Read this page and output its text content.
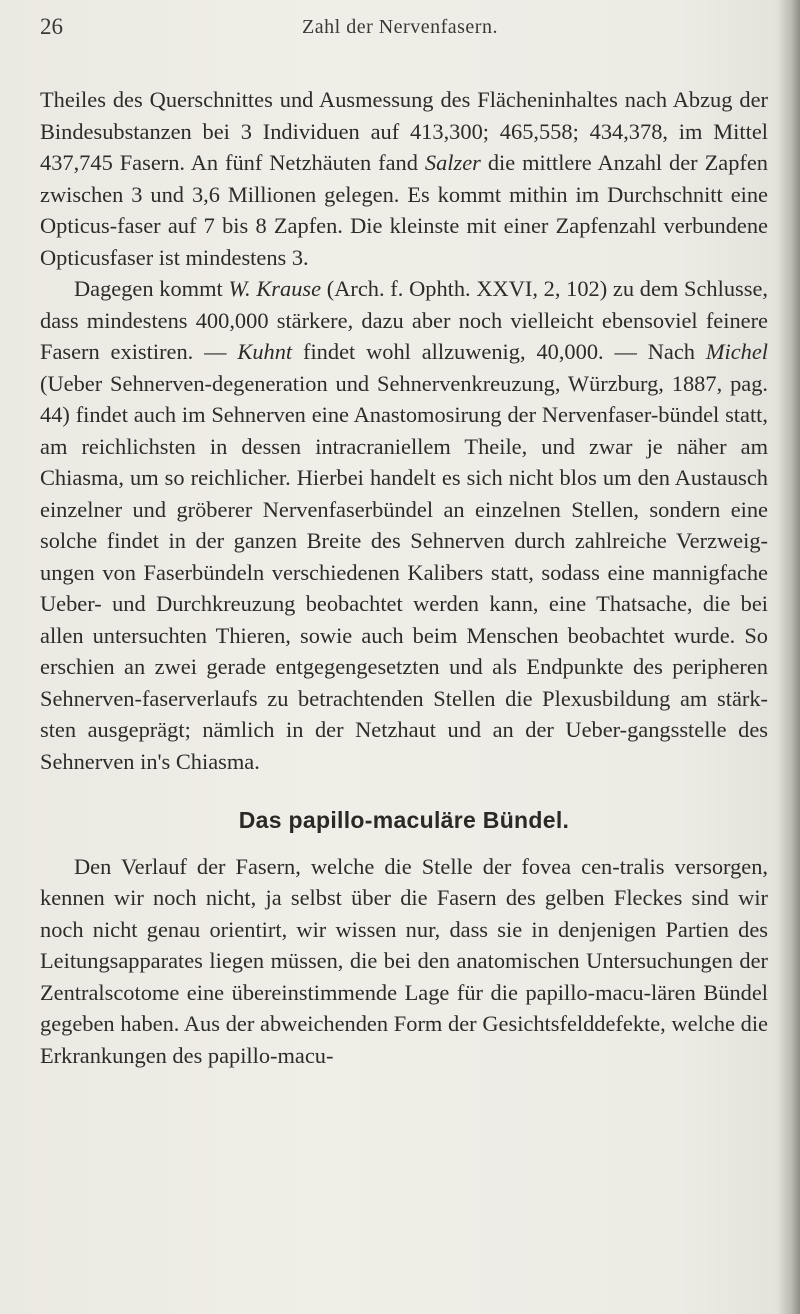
26	Zahl der Nervenfasern.

Theiles des Querschnittes und Ausmessung des Flächeninhaltes nach Abzug der Bindesubstanzen bei 3 Individuen auf 413,300; 465,558; 434,378, im Mittel 437,745 Fasern. An fünf Netzhäuten fand Salzer die mittlere Anzahl der Zapfen zwischen 3 und 3,6 Millionen gelegen. Es kommt mithin im Durchschnitt eine Opticus-faser auf 7 bis 8 Zapfen. Die kleinste mit einer Zapfenzahl verbundene Opticusfaser ist mindestens 3.

Dagegen kommt W. Krause (Arch. f. Ophth. XXVI, 2, 102) zu dem Schlusse, dass mindestens 400,000 stärkere, dazu aber noch vielleicht ebensoviel feinere Fasern existiren. — Kuhnt findet wohl allzuwenig, 40,000. — Nach Michel (Ueber Sehnerven-degeneration und Sehnervenkreuzung, Würzburg, 1887, pag. 44) findet auch im Sehnerven eine Anastomosirung der Nervenfaser-bündel statt, am reichlichsten in dessen intracraniellem Theile, und zwar je näher am Chiasma, um so reichlicher. Hierbei handelt es sich nicht blos um den Austausch einzelner und gröberer Nervenfaserbündel an einzelnen Stellen, sondern eine solche findet in der ganzen Breite des Sehnerven durch zahlreiche Verzweig-ungen von Faserbündeln verschiedenen Kalibers statt, sodass eine mannigfache Ueber- und Durchkreuzung beobachtet werden kann, eine Thatsache, die bei allen untersuchten Thieren, sowie auch beim Menschen beobachtet wurde. So erschien an zwei gerade entgegengesetzten und als Endpunkte des peripheren Sehnerven-faserverlaufs zu betrachtenden Stellen die Plexusbildung am stärk-sten ausgeprägt; nämlich in der Netzhaut und an der Ueber-gangsstelle des Sehnerven in's Chiasma.

Das papillo-maculäre Bündel.

Den Verlauf der Fasern, welche die Stelle der fovea cen-tralis versorgen, kennen wir noch nicht, ja selbst über die Fasern des gelben Fleckes sind wir noch nicht genau orientirt, wir wissen nur, dass sie in denjenigen Partien des Leitungsapparates liegen müssen, die bei den anatomischen Untersuchungen der Zentralscotome eine übereinstimmende Lage für die papillo-macu-lären Bündel gegeben haben. Aus der abweichenden Form der Gesichtsfelddefekte, welche die Erkrankungen des papillo-macu-
